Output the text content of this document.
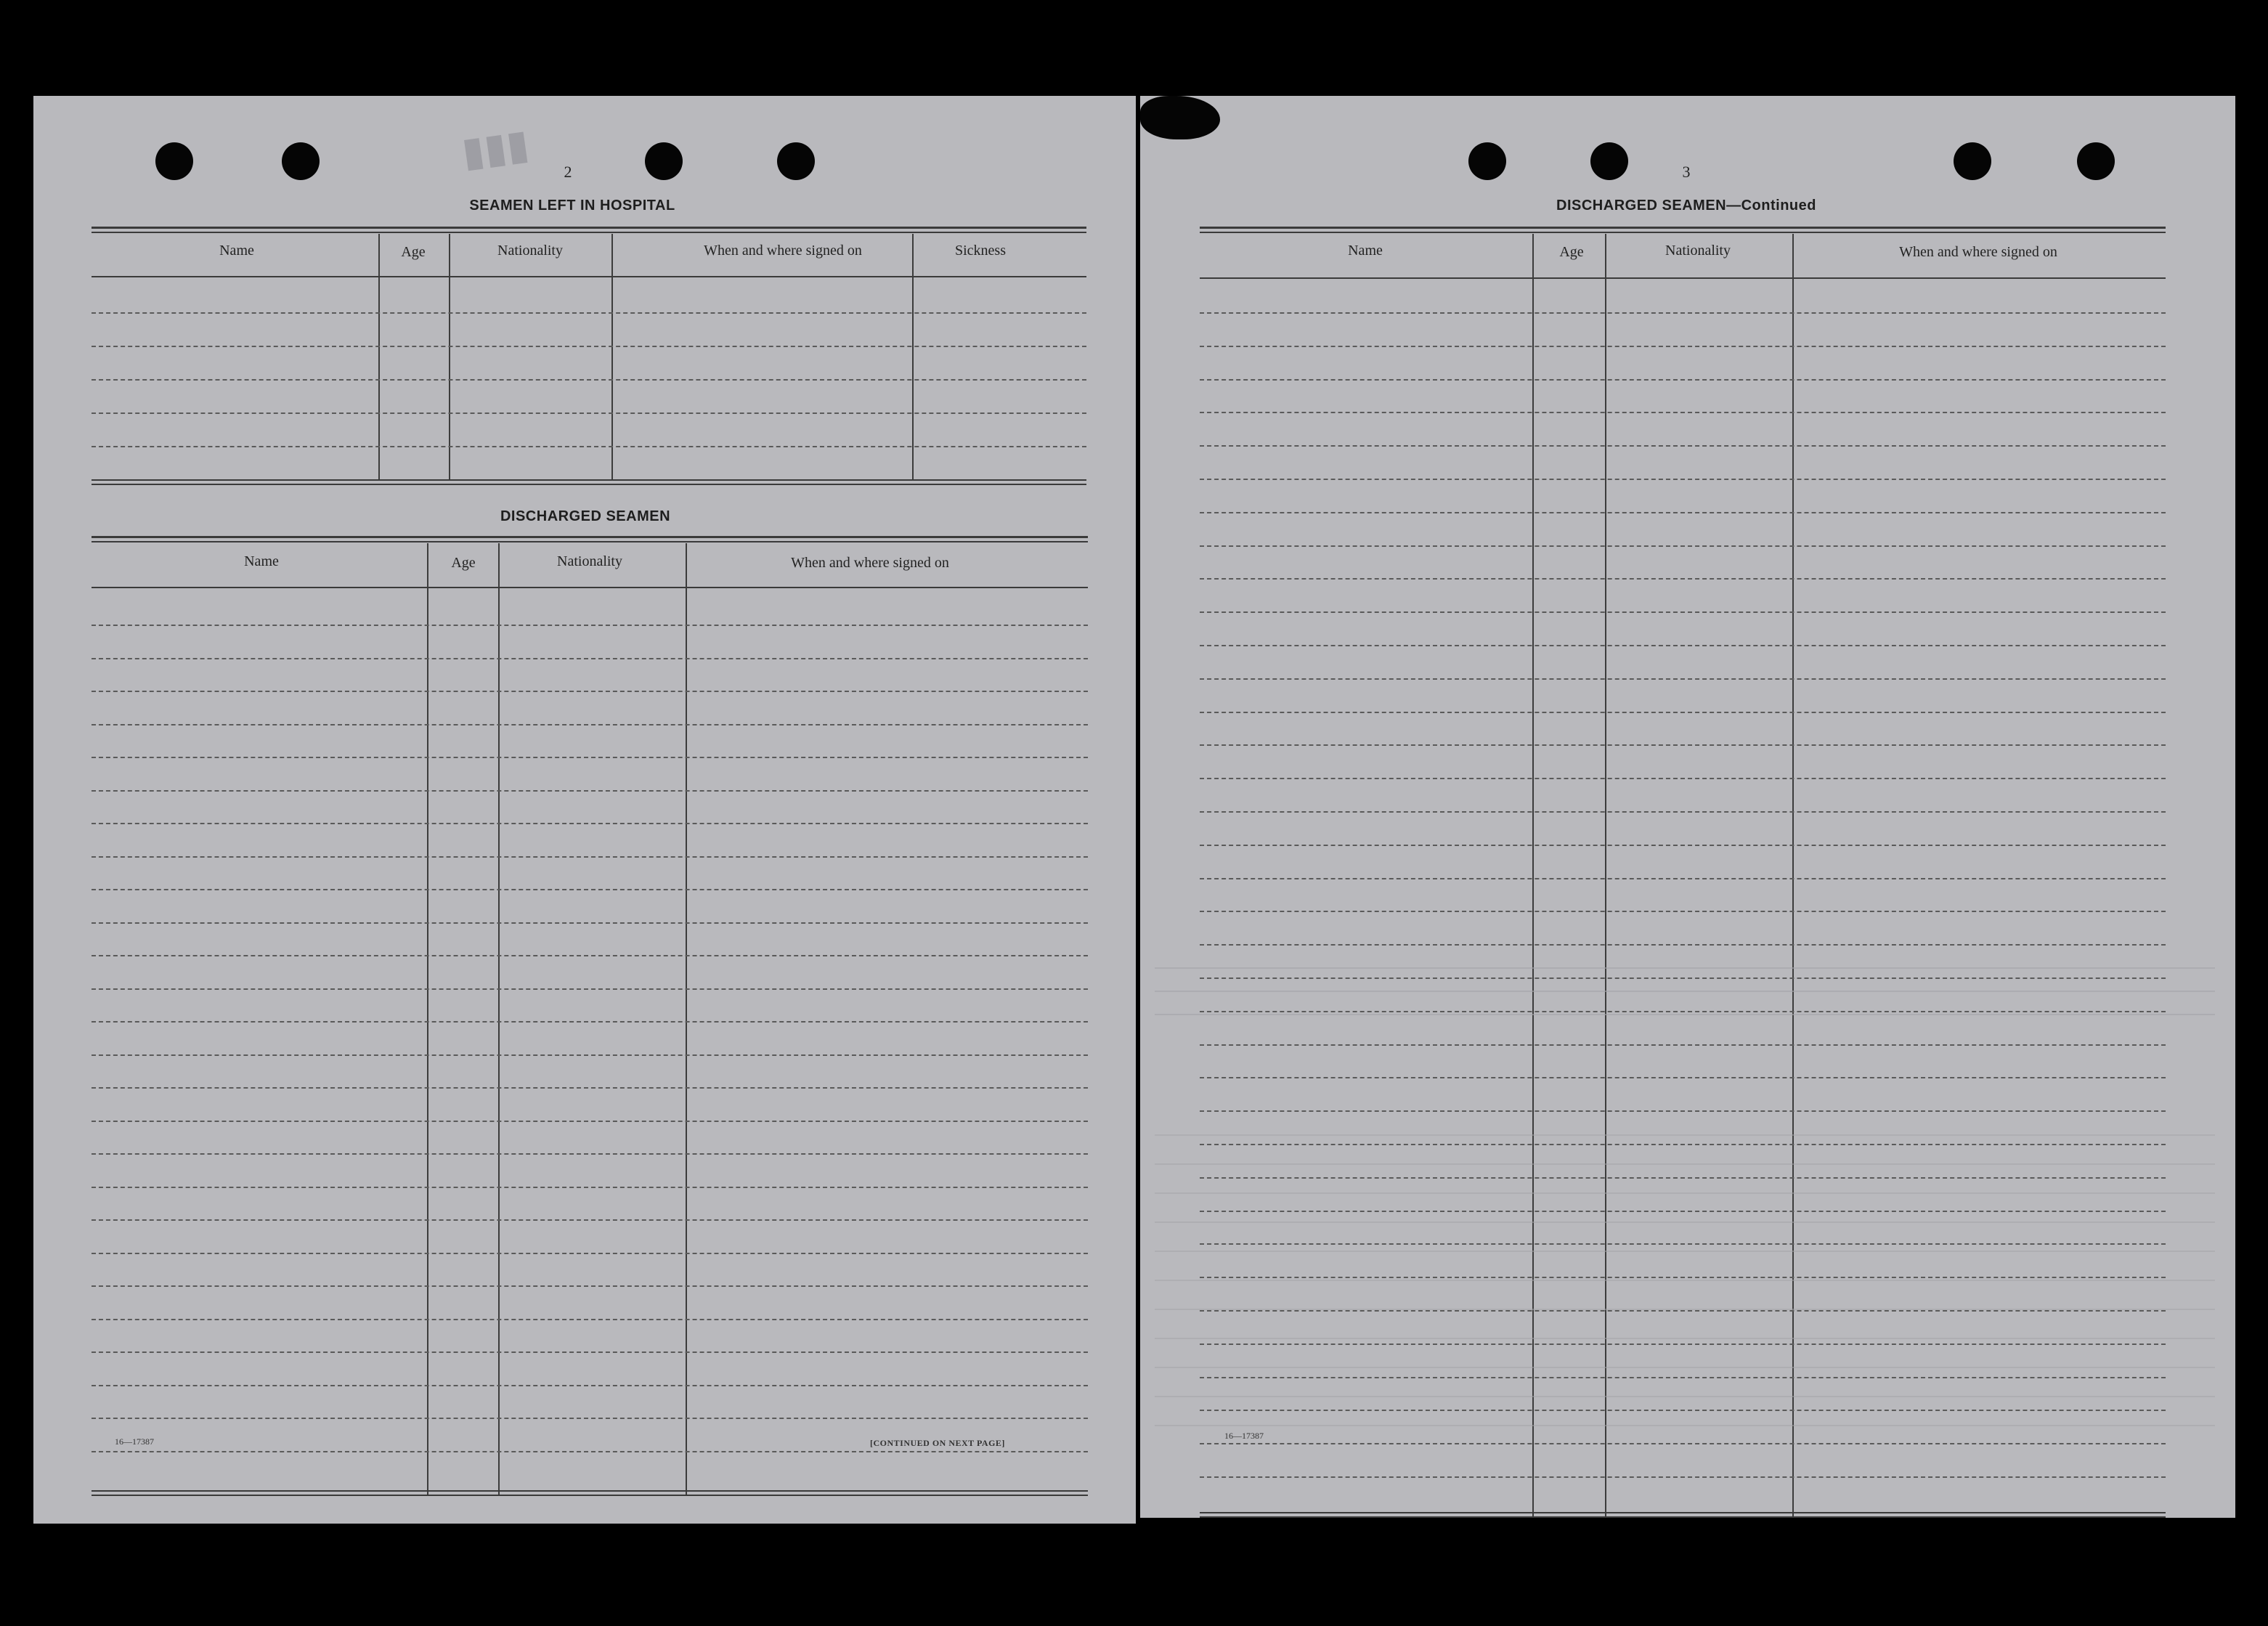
▮▮▮	2
SEAMEN LEFT IN HOSPITAL
Name	Age	Nationality	When and where signed on	Sickness
DISCHARGED SEAMEN
Name	Age	Nationality	When and where signed on
16—17387	[CONTINUED ON NEXT PAGE]
3
DISCHARGED SEAMEN—Continued
Name	Age	Nationality	When and where signed on
16—17387
